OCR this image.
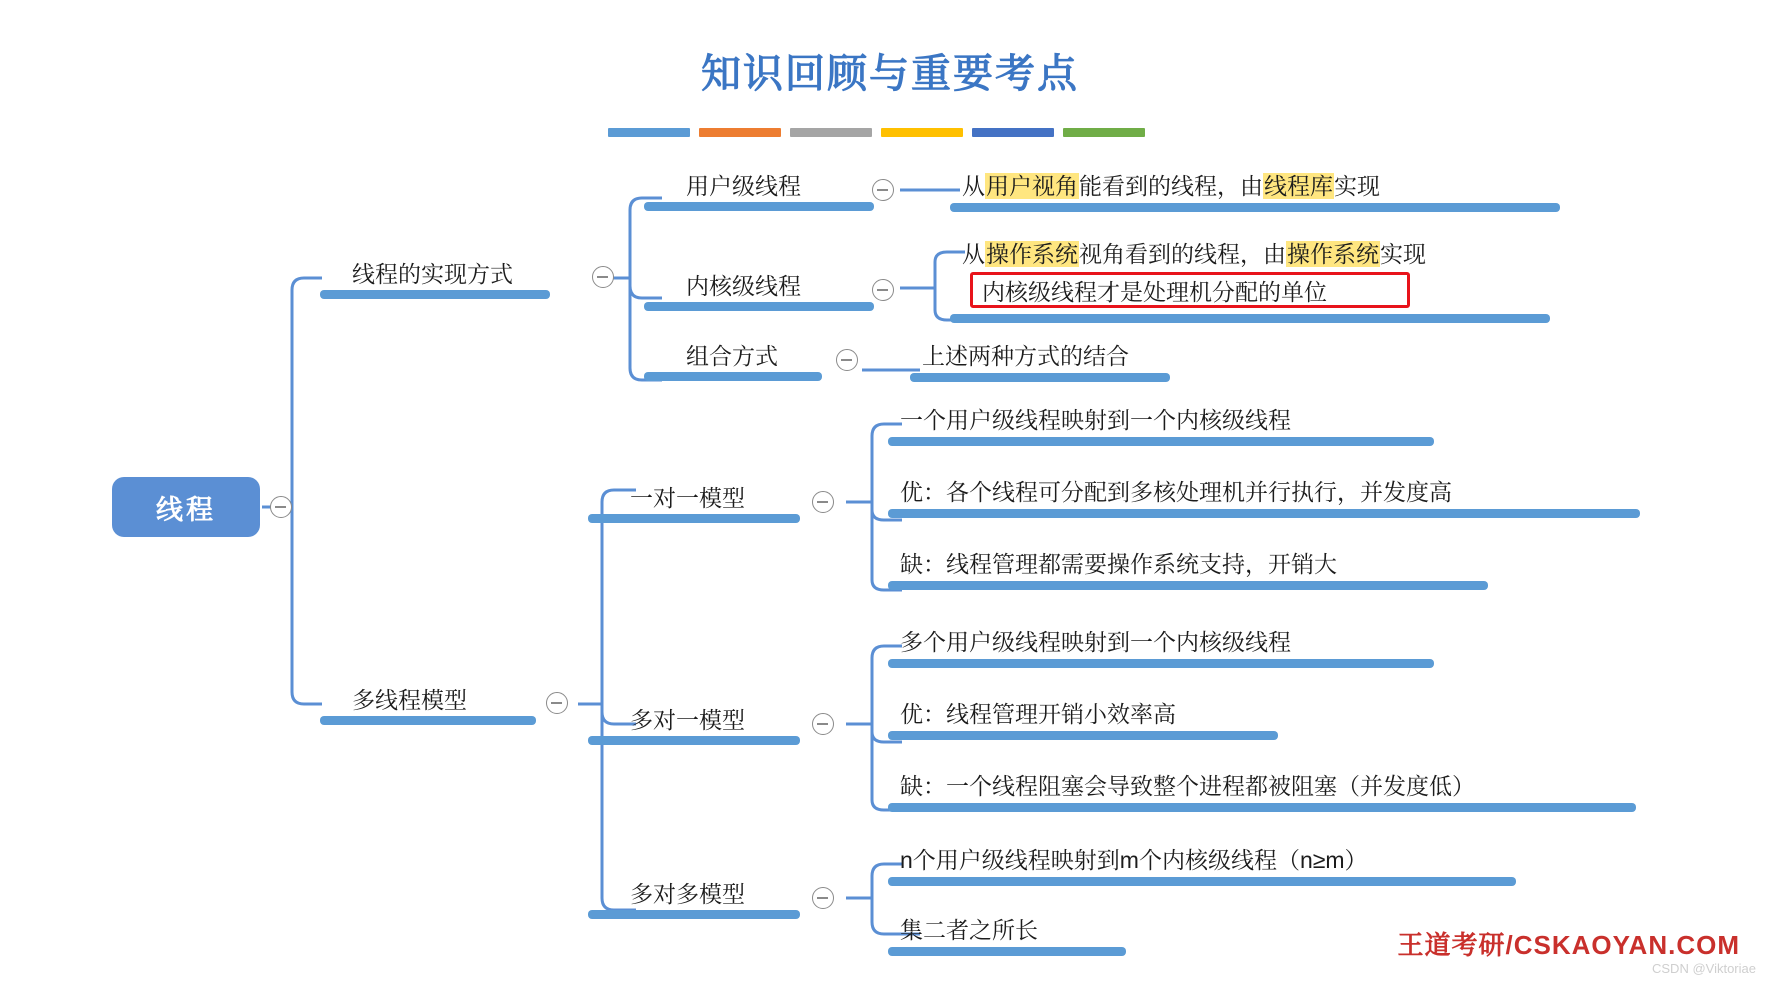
知识回顾与重要考点
线程
线程的实现方式
多线程模型
用户级线程	从用户视角能看到的线程，由线程库实现
内核级线程
从操作系统视角看到的线程，由操作系统实现
内核级线程才是处理机分配的单位
组合方式	上述两种方式的结合
一对一模型
一个用户级线程映射到一个内核级线程
优：各个线程可分配到多核处理机并行执行，并发度高
缺：线程管理都需要操作系统支持，开销大
多对一模型
多个用户级线程映射到一个内核级线程
优：线程管理开销小效率高
缺：一个线程阻塞会导致整个进程都被阻塞（并发度低）
多对多模型
n个用户级线程映射到m个内核级线程（n≥m）
集二者之所长	王道考研/CSKAOYAN.COM
CSDN @Viktoriae
